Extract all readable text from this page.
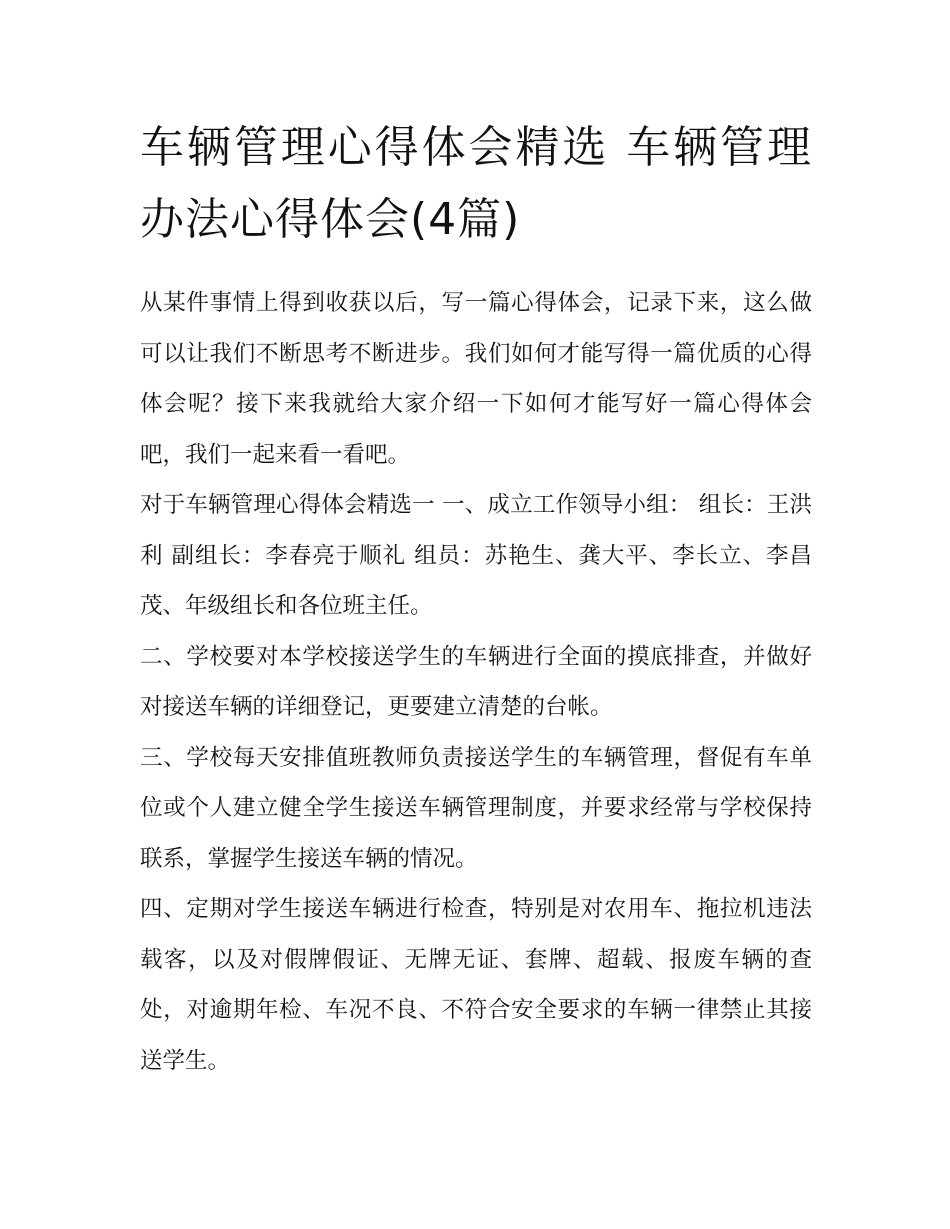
车辆管理心得体会精选 车辆管理办法心得体会(4篇)

从某件事情上得到收获以后，写一篇心得体会，记录下来，这么做可以让我们不断思考不断进步。我们如何才能写得一篇优质的心得体会呢？接下来我就给大家介绍一下如何才能写好一篇心得体会吧，我们一起来看一看吧。

对于车辆管理心得体会精选一 一、成立工作领导小组： 组长：王洪利 副组长：李春亮于顺礼 组员：苏艳生、龚大平、李长立、李昌茂、年级组长和各位班主任。

二、学校要对本学校接送学生的车辆进行全面的摸底排查，并做好对接送车辆的详细登记，更要建立清楚的台帐。

三、学校每天安排值班教师负责接送学生的车辆管理，督促有车单位或个人建立健全学生接送车辆管理制度，并要求经常与学校保持联系，掌握学生接送车辆的情况。

四、定期对学生接送车辆进行检查，特别是对农用车、拖拉机违法载客，以及对假牌假证、无牌无证、套牌、超载、报废车辆的查处，对逾期年检、车况不良、不符合安全要求的车辆一律禁止其接送学生。
